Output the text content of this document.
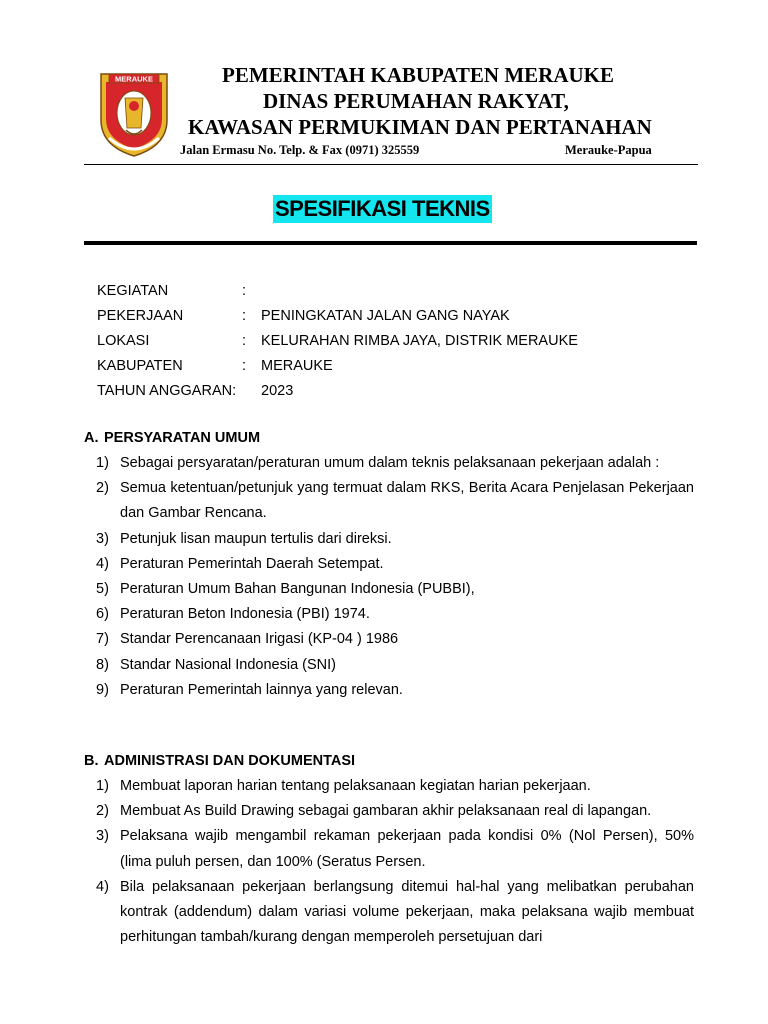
MERAUKE	PEMERINTAH KABUPATEN MERAUKE
DINAS PERUMAHAN RAKYAT,
KAWASAN PERMUKIMAN DAN PERTANAHAN
Jalan Ermasu No. Telp. & Fax (0971) 325559	Merauke-Papua
SPESIFIKASI TEKNIS
KEGIATAN	:
PEKERJAAN	: PENINGKATAN JALAN GANG NAYAK
LOKASI	: KELURAHAN RIMBA JAYA, DISTRIK MERAUKE
KABUPATEN	: MERAUKE
TAHUN ANGGARAN: 2023
A. PERSYARATAN UMUM
1) Sebagai persyaratan/peraturan umum dalam teknis pelaksanaan pekerjaan adalah :
2) Semua ketentuan/petunjuk yang termuat dalam RKS, Berita Acara Penjelasan Pekerjaan dan Gambar Rencana.
3) Petunjuk lisan maupun tertulis dari direksi.
4) Peraturan Pemerintah Daerah Setempat.
5) Peraturan Umum Bahan Bangunan Indonesia (PUBBI),
6) Peraturan Beton Indonesia (PBI) 1974.
7) Standar Perencanaan Irigasi (KP-04 ) 1986
8) Standar Nasional Indonesia (SNI)
9) Peraturan Pemerintah lainnya yang relevan.
B. ADMINISTRASI DAN DOKUMENTASI
1) Membuat laporan harian tentang pelaksanaan kegiatan harian pekerjaan.
2) Membuat As Build Drawing sebagai gambaran akhir pelaksanaan real di lapangan.
3) Pelaksana wajib mengambil rekaman pekerjaan pada kondisi 0% (Nol Persen), 50% (lima puluh persen, dan 100% (Seratus Persen.
4) Bila pelaksanaan pekerjaan berlangsung ditemui hal-hal yang melibatkan perubahan kontrak (addendum) dalam variasi volume pekerjaan, maka pelaksana wajib membuat perhitungan tambah/kurang dengan memperoleh persetujuan dari
